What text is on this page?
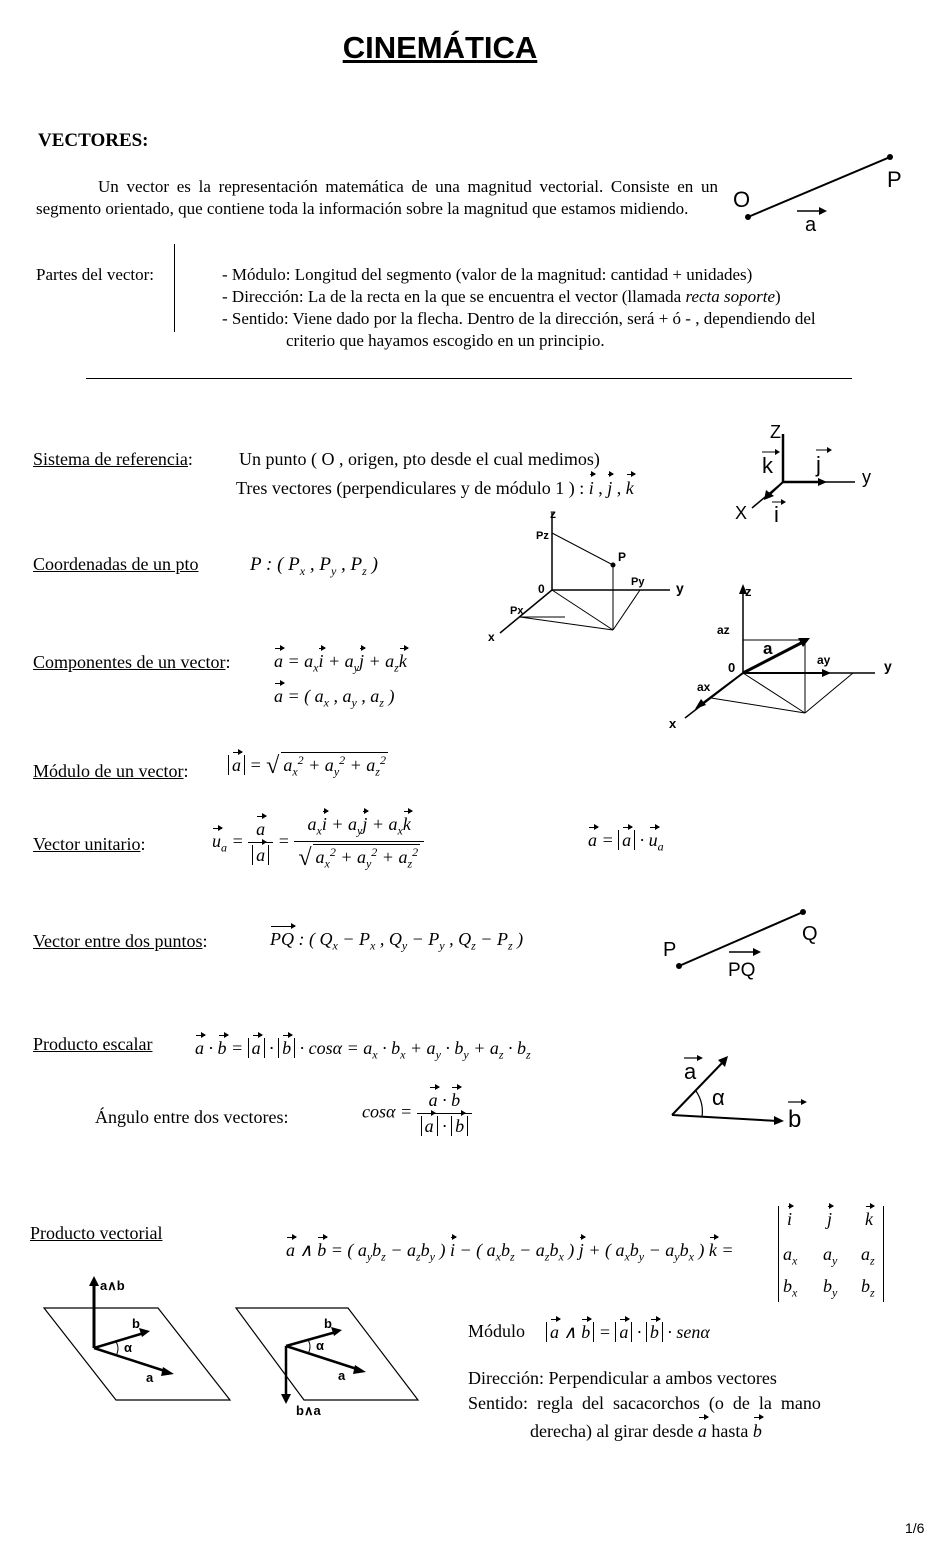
CINEMÁTICA
VECTORES:
Un vector es la representación matemática de una magnitud vectorial. Consiste en un segmento orientado, que contiene toda la información sobre la magnitud que estamos midiendo.	O
P
a
Partes del vector:	- Módulo: Longitud del segmento (valor de la magnitud: cantidad + unidades)
- Dirección: La de la recta en la que se encuentra el vector (llamada recta soporte)
- Sentido: Viene dado por la flecha. Dentro de la dirección, será + ó - , dependiendo del
criterio que hayamos escogido en un principio.
Sistema de referencia:	Un punto ( O , origen, pto desde el cual medimos)
Tres vectores (perpendiculares y de módulo 1 ) : i , j , k
Z
y
X
k j
i
Coordenadas de un pto	P : ( $P_x$ , $P_y$ , $P_z$ )
z
y
x
0
P
Px
Py
Pz
Componentes de un vector: $a = a_xi + a_yj + a_zk$
a = ( $a_x$ , $a_y$ , $a_z$ )
z
y
x
0
a
ax
ay
az
Módulo de un vector: a = √ $a_x^2 + a_y^2 + a_z^2$
Vector unitario:	$u_a = \frac{a}{a} = \frac{a_xi + a_yj + a_xk}{√ a_x^2 + a_y^2 + a_z^2}$	$a = a \cdot u_a$
Vector entre dos puntos:	PQ : ( $Q_x - P_x$ , $Q_y - P_y$ , $Q_z - P_z$ )	P
Q
PQ
Producto escalar $a \cdot b = a \cdot b \cdot \cos\alpha = a_x \cdot b_x + a_y \cdot b_y + a_z \cdot b_z$
Ángulo entre dos vectores:	$\cos\alpha = \frac{a \cdot b}{a \cdot b}$
a
α
b
Producto vectorial
a ∧ b = ( $a_yb_z - a_zb_y$ ) i − ( $a_xb_z - a_zb_x$ ) j + ( $a_xb_y - a_yb_x$ ) k =
i j k
$a_x$ $a_y$ $a_z$
$b_x$ $b_y$ $b_z$
a∧b
b
α
a
b
α
a
b∧a
Módulo a ∧ b = a · b · senα
Dirección: Perpendicular a ambos vectores
Sentido:  regla  del  sacacorchos  (o  de  la  mano
derecha) al girar desde a hasta b
1/6
